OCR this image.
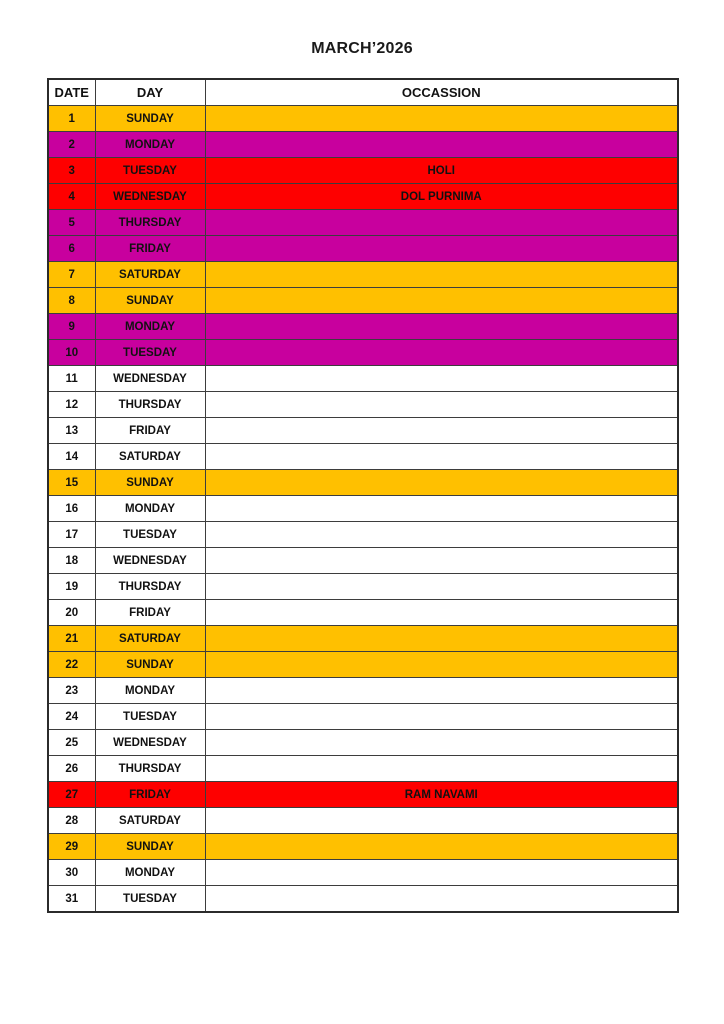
MARCH’2026
DATE	DAY	OCCASSION
1	SUNDAY	
2	MONDAY	
3	TUESDAY	HOLI
4	WEDNESDAY	DOL PURNIMA
5	THURSDAY	
6	FRIDAY	
7	SATURDAY	
8	SUNDAY	
9	MONDAY	
10	TUESDAY	
11	WEDNESDAY	
12	THURSDAY	
13	FRIDAY	
14	SATURDAY	
15	SUNDAY	
16	MONDAY	
17	TUESDAY	
18	WEDNESDAY	
19	THURSDAY	
20	FRIDAY	
21	SATURDAY	
22	SUNDAY	
23	MONDAY	
24	TUESDAY	
25	WEDNESDAY	
26	THURSDAY	
27	FRIDAY	RAM NAVAMI
28	SATURDAY	
29	SUNDAY	
30	MONDAY	
31	TUESDAY	
